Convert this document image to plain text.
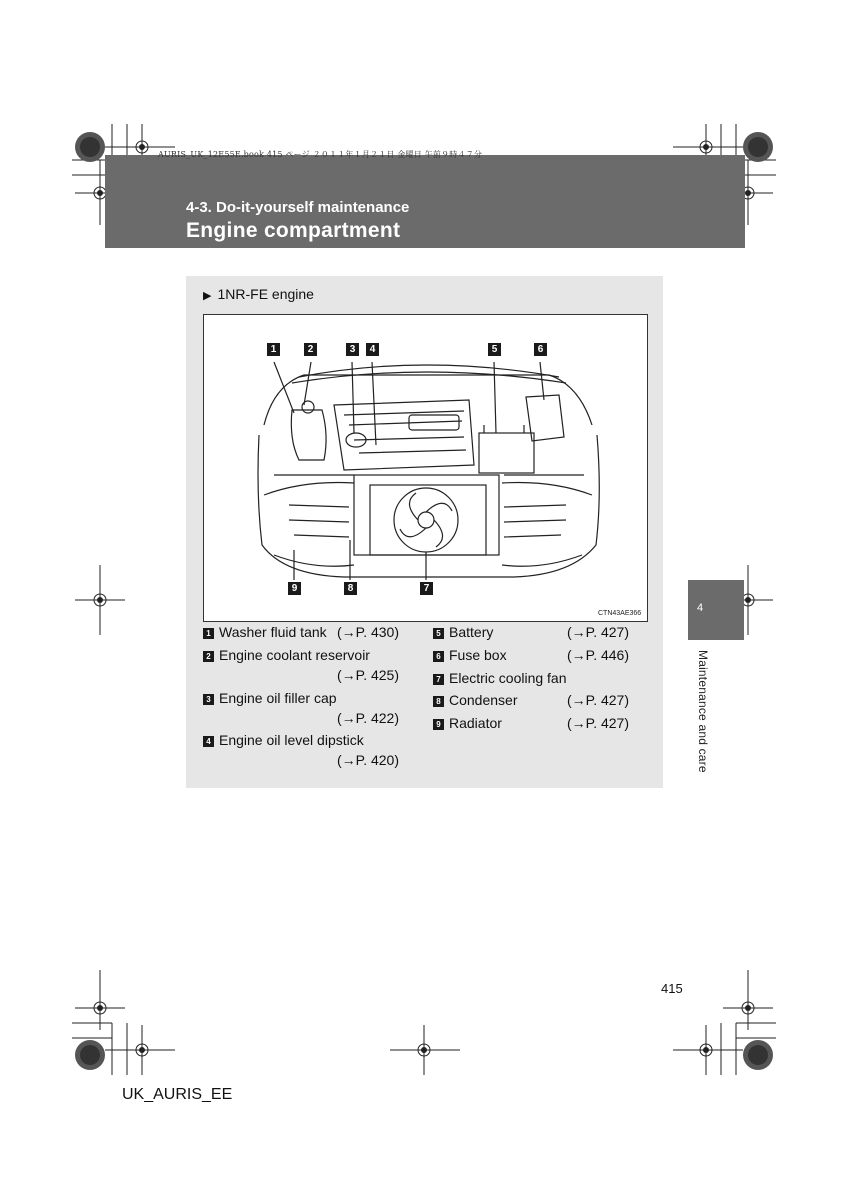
AURIS_UK_12E55E.book 415 ページ ２０１１年１月２１日 金曜日 午前９時４７分
4-3. Do-it-yourself maintenance
Engine compartment
4
Maintenance and care
▶ 1NR-FE engine
1	2	3	4	5	6
7
8
9
CTN43AE366
1 Washer fluid tank (→P. 430)
2 Engine coolant reservoir
(→P. 425)
3 Engine oil filler cap
(→P. 422)
4 Engine oil level dipstick
(→P. 420)
5 Battery	(→P. 427)
6 Fuse box	(→P. 446)
7 Electric cooling fan
8 Condenser	(→P. 427)
9 Radiator	(→P. 427)
415
UK_AURIS_EE
